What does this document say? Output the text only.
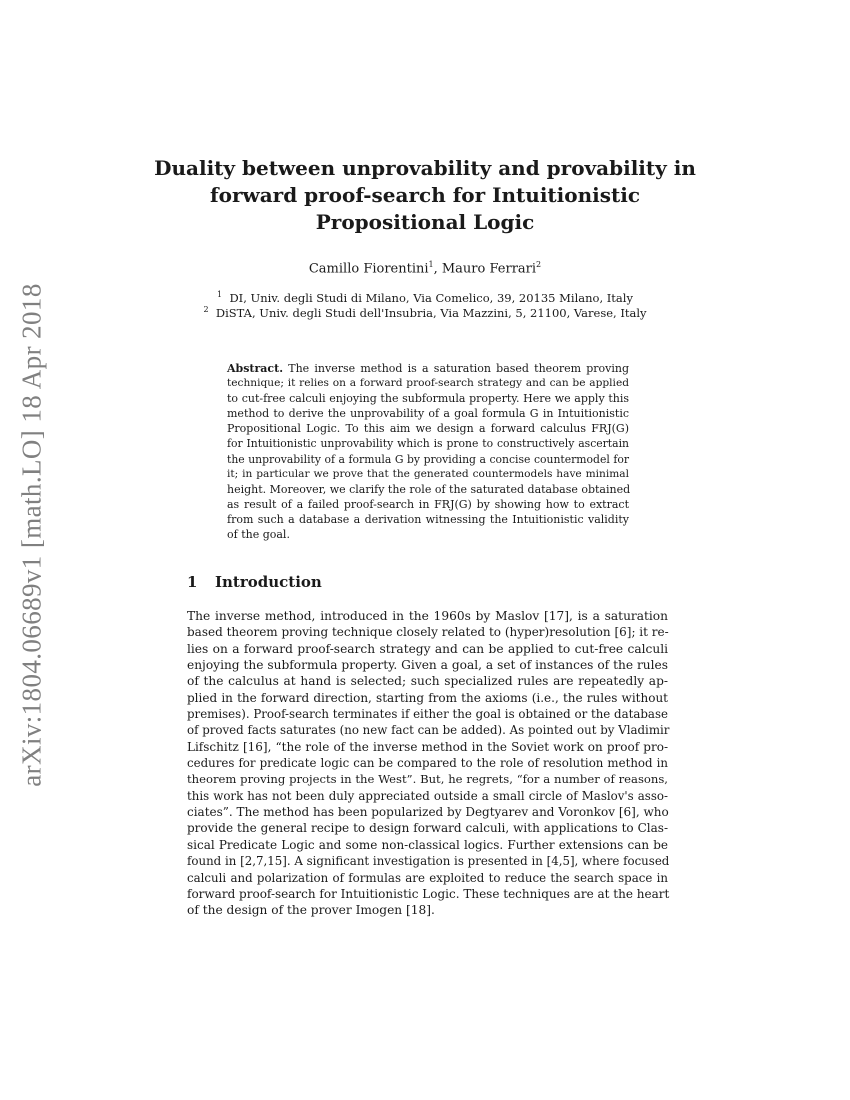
arXiv:1804.06689v1 [math.LO] 18 Apr 2018
Duality between unprovability and provability in
forward proof-search for Intuitionistic
Propositional Logic
Camillo Fiorentini$^1$, Mauro Ferrari$^2$
$^1$ DI, Univ. degli Studi di Milano, Via Comelico, 39, 20135 Milano, Italy
$^2$ DiSTA, Univ. degli Studi dell'Insubria, Via Mazzini, 5, 21100, Varese, Italy
Abstract. The inverse method is a saturation based theorem proving
technique; it relies on a forward proof-search strategy and can be applied
to cut-free calculi enjoying the subformula property. Here we apply this
method to derive the unprovability of a goal formula G in Intuitionistic
Propositional Logic. To this aim we design a forward calculus FRJ(G)
for Intuitionistic unprovability which is prone to constructively ascertain
the unprovability of a formula G by providing a concise countermodel for
it; in particular we prove that the generated countermodels have minimal
height. Moreover, we clarify the role of the saturated database obtained
as result of a failed proof-search in FRJ(G) by showing how to extract
from such a database a derivation witnessing the Intuitionistic validity
of the goal.
1 Introduction
The inverse method, introduced in the 1960s by Maslov [17], is a saturation
based theorem proving technique closely related to (hyper)resolution [6]; it re-
lies on a forward proof-search strategy and can be applied to cut-free calculi
enjoying the subformula property. Given a goal, a set of instances of the rules
of the calculus at hand is selected; such specialized rules are repeatedly ap-
plied in the forward direction, starting from the axioms (i.e., the rules without
premises). Proof-search terminates if either the goal is obtained or the database
of proved facts saturates (no new fact can be added). As pointed out by Vladimir
Lifschitz [16], “the role of the inverse method in the Soviet work on proof pro-
cedures for predicate logic can be compared to the role of resolution method in
theorem proving projects in the West”. But, he regrets, “for a number of reasons,
this work has not been duly appreciated outside a small circle of Maslov's asso-
ciates”. The method has been popularized by Degtyarev and Voronkov [6], who
provide the general recipe to design forward calculi, with applications to Clas-
sical Predicate Logic and some non-classical logics. Further extensions can be
found in [2,7,15]. A significant investigation is presented in [4,5], where focused
calculi and polarization of formulas are exploited to reduce the search space in
forward proof-search for Intuitionistic Logic. These techniques are at the heart
of the design of the prover Imogen [18].
